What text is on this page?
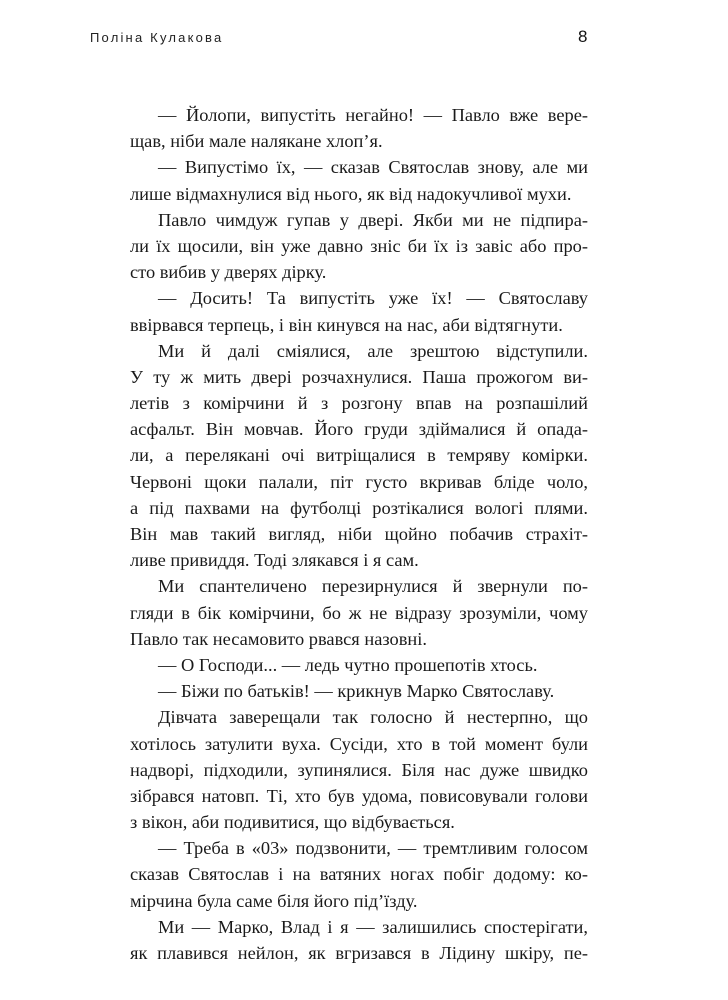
Поліна Кулакова	8
— Йолопи, випустіть негайно! — Павло вже вере-
щав, ніби мале налякане хлоп’я.
— Випустімо їх, — сказав Святослав знову, але ми
лише відмахнулися від нього, як від надокучливої мухи.
Павло чимдуж гупав у двері. Якби ми не підпира-
ли їх щосили, він уже давно зніс би їх із завіс або про-
сто вибив у дверях дірку.
— Досить! Та випустіть уже їх! — Святославу
ввірвався терпець, і він кинувся на нас, аби відтягнути.
Ми й далі сміялися, але зрештою відступили.
У ту ж мить двері розчахнулися. Паша прожогом ви-
летів з комірчини й з розгону впав на розпашілий
асфальт. Він мовчав. Його груди здіймалися й опада-
ли, а перелякані очі витріщалися в темряву комірки.
Червоні щоки палали, піт густо вкривав бліде чоло,
а під пахвами на футболці розтікалися вологі плями.
Він мав такий вигляд, ніби щойно побачив страхіт-
ливе привиддя. Тоді злякався і я сам.
Ми спантеличено перезирнулися й звернули по-
гляди в бік комірчини, бо ж не відразу зрозуміли, чому
Павло так несамовито рвався назовні.
— О Господи... — ледь чутно прошепотів хтось.
— Біжи по батьків! — крикнув Марко Святославу.
Дівчата заверещали так голосно й нестерпно, що
хотілось затулити вуха. Сусіди, хто в той момент були
надворі, підходили, зупинялися. Біля нас дуже швидко
зібрався натовп. Ті, хто був удома, повисовували голови
з вікон, аби подивитися, що відбувається.
— Треба в «03» подзвонити, — тремтливим голосом
сказав Святослав і на ватяних ногах побіг додому: ко-
мірчина була саме біля його під’їзду.
Ми — Марко, Влад і я — залишились спостерігати,
як плавився нейлон, як вгризався в Лідину шкіру, пе-
